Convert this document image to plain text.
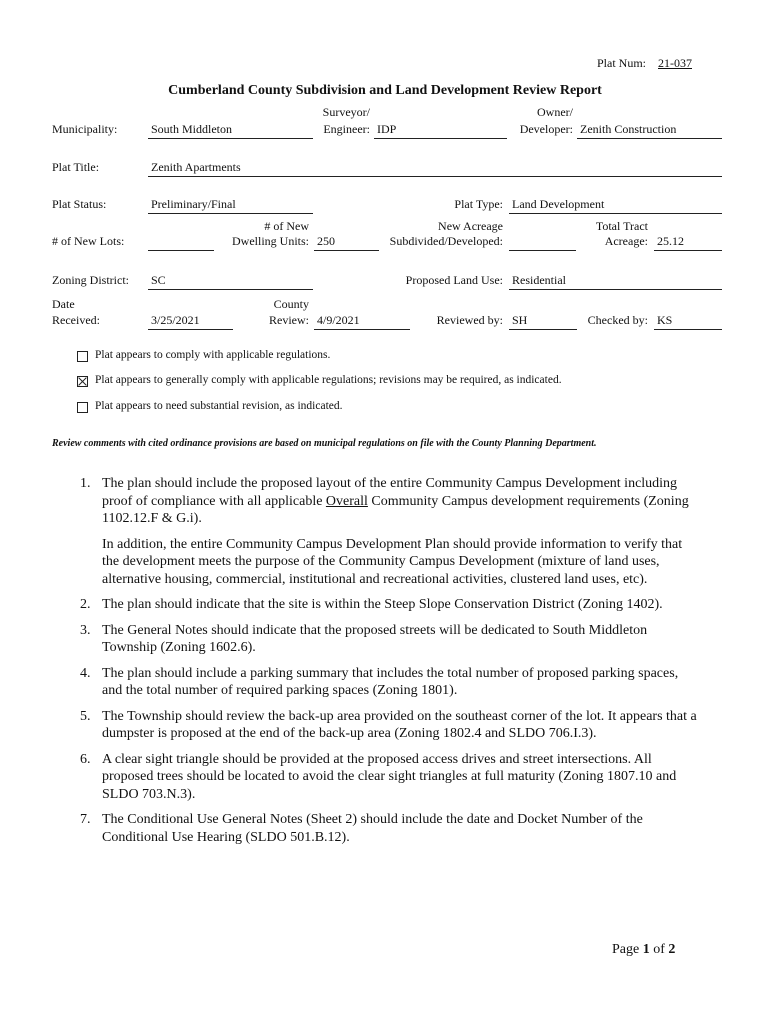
Plat Num: 21-037
Cumberland County Subdivision and Land Development Review Report
Municipality:	South Middleton
Surveyor/
Engineer: IDP
Owner/
Developer: Zenith Construction
Plat Title:	Zenith Apartments
Plat Status:	Preliminary/Final	Plat Type: Land Development
# of New Lots:
# of New
Dwelling Units: 250
New Acreage
Subdivided/Developed:
Total Tract
Acreage: 25.12
Zoning District: SC	Proposed Land Use: Residential
Date
Received:	3/25/2021
County
Review: 4/9/2021	Reviewed by: SH	Checked by: KS
Plat appears to comply with applicable regulations.
Plat appears to generally comply with applicable regulations; revisions may be required, as indicated.
Plat appears to need substantial revision, as indicated.
Review comments with cited ordinance provisions are based on municipal regulations on file with the County Planning Department.
1. The plan should include the proposed layout of the entire Community Campus Development including proof of compliance with all applicable Overall Community Campus development requirements (Zoning 1102.12.F & G.i).

In addition, the entire Community Campus Development Plan should provide information to verify that the development meets the purpose of the Community Campus Development (mixture of land uses, alternative housing, commercial, institutional and recreational activities, clustered land uses, etc).

2. The plan should indicate that the site is within the Steep Slope Conservation District (Zoning 1402).

3. The General Notes should indicate that the proposed streets will be dedicated to South Middleton Township (Zoning 1602.6).

4. The plan should include a parking summary that includes the total number of proposed parking spaces, and the total number of required parking spaces (Zoning 1801).

5. The Township should review the back-up area provided on the southeast corner of the lot. It appears that a dumpster is proposed at the end of the back-up area (Zoning 1802.4 and SLDO 706.I.3).

6. A clear sight triangle should be provided at the proposed access drives and street intersections. All proposed trees should be located to avoid the clear sight triangles at full maturity (Zoning 1807.10 and SLDO 703.N.3).

7. The Conditional Use General Notes (Sheet 2) should include the date and Docket Number of the Conditional Use Hearing (SLDO 501.B.12).

Page 1 of 2
